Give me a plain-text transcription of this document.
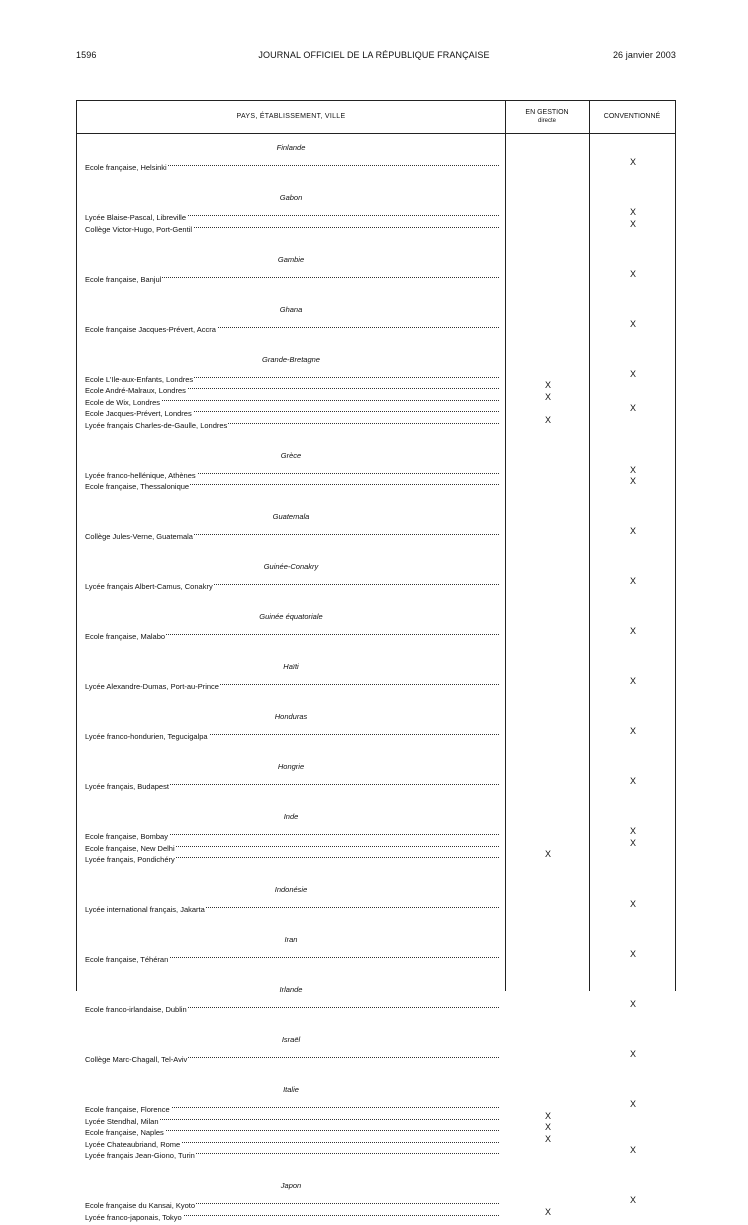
1596	JOURNAL OFFICIEL DE LA RÉPUBLIQUE FRANÇAISE	26 janvier 2003
PAYS, ÉTABLISSEMENT, VILLE
EN GESTION
directe
CONVENTIONNÉ
Finlande
Ecole française, Helsinki
X
Gabon
Lycée Blaise-Pascal, Libreville
X
Collège Victor-Hugo, Port-Gentil
X
Gambie
Ecole française, Banjul
X
Ghana
Ecole française Jacques-Prévert, Accra
X
Grande-Bretagne
Ecole L'Ile-aux-Enfants, Londres
X
Ecole André-Malraux, Londres
X
Ecole de Wix, Londres
X
Ecole Jacques-Prévert, Londres
X
Lycée français Charles-de-Gaulle, Londres
X
Grèce
Lycée franco-hellénique, Athènes
X
Ecole française, Thessalonique
X
Guatemala
Collège Jules-Verne, Guatemala
X
Guinée-Conakry
Lycée français Albert-Camus, Conakry
X
Guinée équatoriale
Ecole française, Malabo
X
Haïti
Lycée Alexandre-Dumas, Port-au-Prince
X
Honduras
Lycée franco-hondurien, Tegucigalpa
X
Hongrie
Lycée français, Budapest
X
Inde
Ecole française, Bombay
X
Ecole française, New Delhi
X
Lycée français, Pondichéry
X
Indonésie
Lycée international français, Jakarta
X
Iran
Ecole française, Téhéran
X
Irlande
Ecole franco-irlandaise, Dublin
X
Israël
Collège Marc-Chagall, Tel-Aviv
X
Italie
Ecole française, Florence
X
Lycée Stendhal, Milan
X
Ecole française, Naples
X
Lycée Chateaubriand, Rome
X
Lycée français Jean-Giono, Turin
X
Japon
Ecole française du Kansai, Kyoto
X
Lycée franco-japonais, Tokyo
X
